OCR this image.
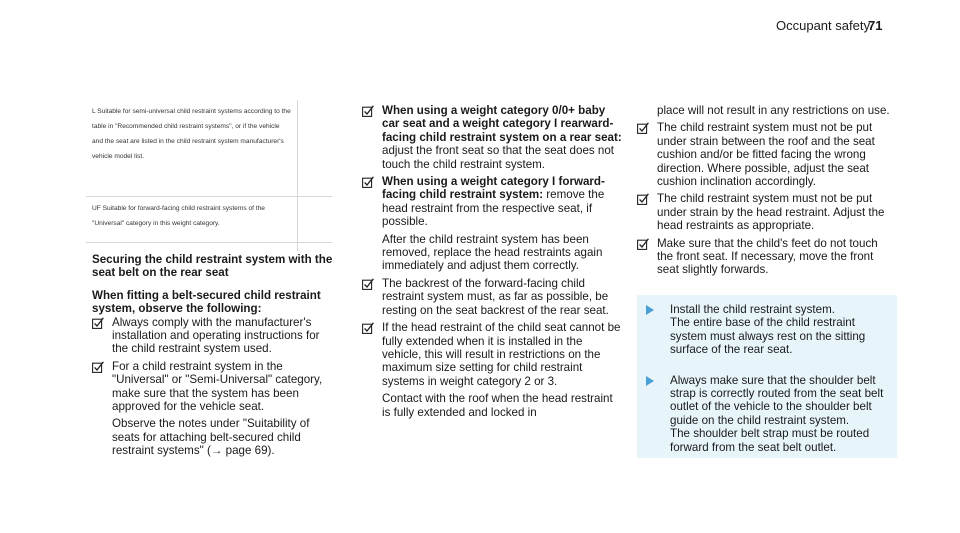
Occupant safety
71
L Suitable for semi-universal child restraint systems according to the table in "Recommended child restraint systems", or if the vehicle and the seat are listed in the child restraint system manufacturer's vehicle model list.	
UF Suitable for forward-facing child restraint systems of the "Universal" category in this weight category.	

Securing the child restraint system with the seat belt on the rear seat

When fitting a belt-secured child restraint system, observe the following:

Always comply with the manufacturer's installation and operating instructions for the child restraint system used.

For a child restraint system in the "Universal" or "Semi-Universal" category, make sure that the system has been approved for the vehicle seat.

Observe the notes under "Suitability of seats for attaching belt-secured child restraint systems" (→ page 69).

When using a weight category 0/0+ baby car seat and a weight category I rearward-facing child restraint system on a rear seat: adjust the front seat so that the seat does not touch the child restraint system.

When using a weight category I forward-facing child restraint system: remove the head restraint from the respective seat, if possible.

After the child restraint system has been removed, replace the head restraints again immediately and adjust them correctly.

The backrest of the forward-facing child restraint system must, as far as possible, be resting on the seat backrest of the rear seat.

If the head restraint of the child seat cannot be fully extended when it is installed in the vehicle, this will result in restrictions on the maximum size setting for child restraint systems in weight category 2 or 3.

Contact with the roof when the head restraint is fully extended and locked in

place will not result in any restrictions on use.

The child restraint system must not be put under strain between the roof and the seat cushion and/or be fitted facing the wrong direction. Where possible, adjust the seat cushion inclination accordingly.

The child restraint system must not be put under strain by the head restraint. Adjust the head restraints as appropriate.

Make sure that the child's feet do not touch the front seat. If necessary, move the front seat slightly forwards.

Install the child restraint system.

The entire base of the child restraint system must always rest on the sitting surface of the rear seat.

Always make sure that the shoulder belt strap is correctly routed from the seat belt outlet of the vehicle to the shoulder belt guide on the child restraint system.

The shoulder belt strap must be routed forward from the seat belt outlet.
